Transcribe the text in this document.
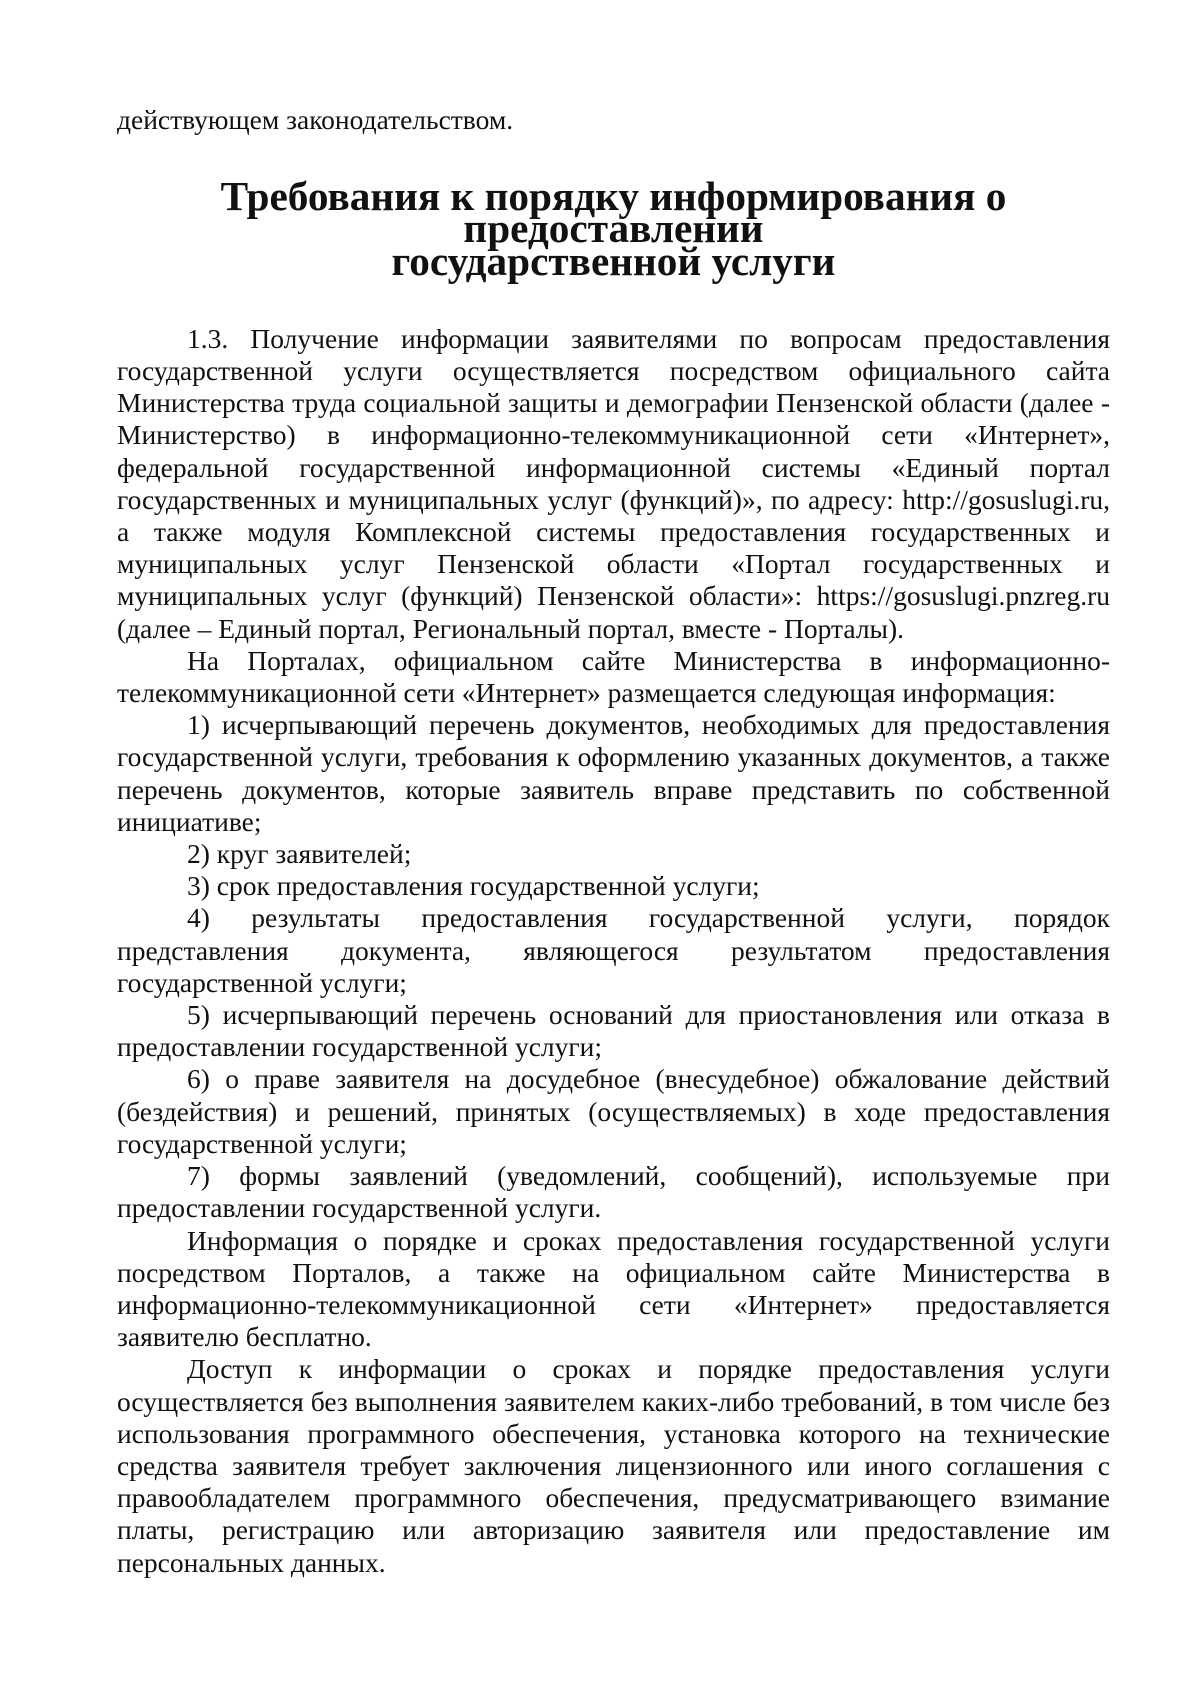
действующем законодательством.

Требования к порядку информирования о предоставлении
государственной услуги

1.3. Получение информации заявителями по вопросам предоставления государственной услуги осуществляется посредством официального сайта Министерства труда социальной защиты и демографии Пензенской области (далее - Министерство) в информационно-телекоммуникационной сети «Интернет», федеральной государственной информационной системы «Единый портал государственных и муниципальных услуг (функций)», по адресу: http://gosuslugi.ru, а также модуля Комплексной системы предоставления государственных и муниципальных услуг Пензенской области «Портал государственных и муниципальных услуг (функций) Пензенской области»: https://gosuslugi.pnzreg.ru (далее – Единый портал, Региональный портал, вместе - Порталы).

На Порталах, официальном сайте Министерства в информационно-телекоммуникационной сети «Интернет» размещается следующая информация:

1) исчерпывающий перечень документов, необходимых для предоставления государственной услуги, требования к оформлению указанных документов, а также перечень документов, которые заявитель вправе представить по собственной инициативе;

2) круг заявителей;

3) срок предоставления государственной услуги;

4) результаты предоставления государственной услуги, порядок представления документа, являющегося результатом предоставления государственной услуги;

5) исчерпывающий перечень оснований для приостановления или отказа в предоставлении государственной услуги;

6) о праве заявителя на досудебное (внесудебное) обжалование действий (бездействия) и решений, принятых (осуществляемых) в ходе предоставления государственной услуги;

7) формы заявлений (уведомлений, сообщений), используемые при предоставлении государственной услуги.

Информация о порядке и сроках предоставления государственной услуги посредством Порталов, а также на официальном сайте Министерства в информационно-телекоммуникационной сети «Интернет» предоставляется заявителю бесплатно.

Доступ к информации о сроках и порядке предоставления услуги осуществляется без выполнения заявителем каких-либо требований, в том числе без использования программного обеспечения, установка которого на технические средства заявителя требует заключения лицензионного или иного соглашения с правообладателем программного обеспечения, предусматривающего взимание платы, регистрацию или авторизацию заявителя или предоставление им персональных данных.
